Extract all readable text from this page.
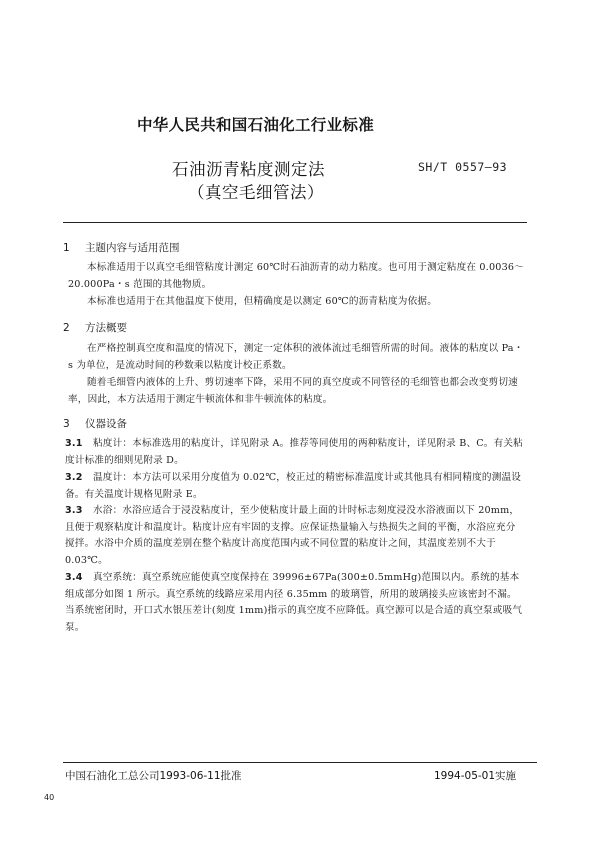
中华人民共和国石油化工行业标准
石油沥青粘度测定法
（真空毛细管法）
SH/T 0557—93
1 主题内容与适用范围
本标准适用于以真空毛细管粘度计测定 60℃时石油沥青的动力粘度。也可用于测定粘度在 0.0036～20.000Pa・s 范围的其他物质。
本标准也适用于在其他温度下使用，但精确度是以测定 60℃的沥青粘度为依据。
2 方法概要
在严格控制真空度和温度的情况下，测定一定体积的液体流过毛细管所需的时间。液体的粘度以 Pa・s 为单位，是流动时间的秒数乘以粘度计校正系数。
随着毛细管内液体的上升、剪切速率下降，采用不同的真空度或不同管径的毛细管也都会改变剪切速率，因此，本方法适用于测定牛顿流体和非牛顿流体的粘度。
3 仪器设备
3.1 粘度计：本标准选用的粘度计，详见附录 A。推荐等同使用的两种粘度计，详见附录 B、C。有关粘度计标准的细则见附录 D。
3.2 温度计：本方法可以采用分度值为 0.02℃，校正过的精密标准温度计或其他具有相同精度的测温设备。有关温度计规格见附录 E。
3.3 水浴：水浴应适合于浸没粘度计，至少使粘度计最上面的计时标志刻度浸没水浴液面以下 20mm，且便于观察粘度计和温度计。粘度计应有牢固的支撑。应保证热量输入与热损失之间的平衡，水浴应充分搅拌。水浴中介质的温度差别在整个粘度计高度范围内或不同位置的粘度计之间，其温度差别不大于 0.03℃。
3.4 真空系统：真空系统应能使真空度保持在 39996±67Pa(300±0.5mmHg)范围以内。系统的基本组成部分如图 1 所示。真空系统的线路应采用内径 6.35mm 的玻璃管，所用的玻璃接头应该密封不漏。当系统密闭时，开口式水银压差计(刻度 1mm)指示的真空度不应降低。真空源可以是合适的真空泵或吸气泵。
中国石油化工总公司1993-06-11批准	1994-05-01实施
40
